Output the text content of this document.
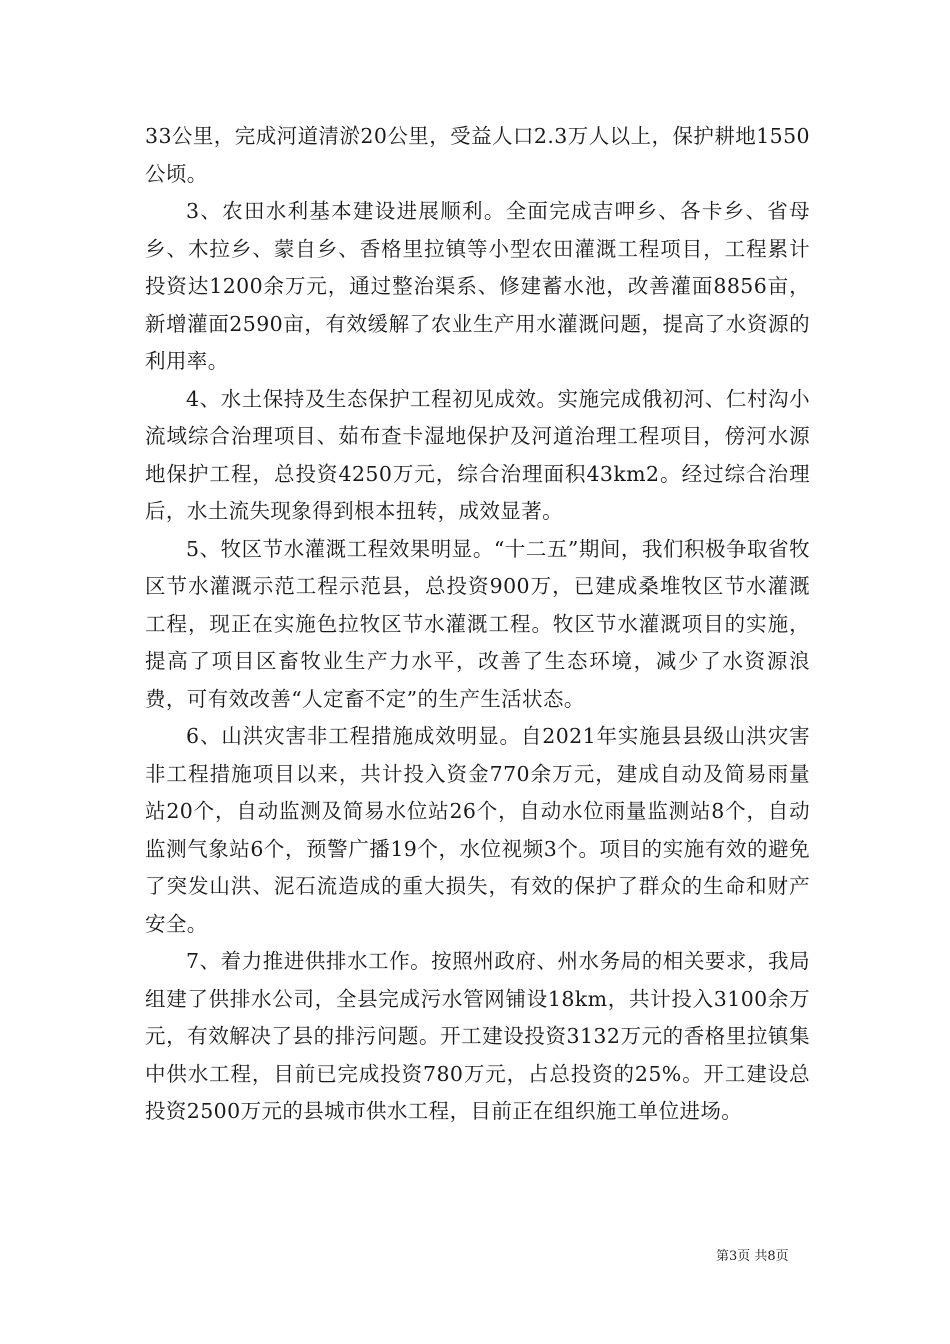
33公里，完成河道清淤20公里，受益人口2.3万人以上，保护耕地1550公顷。

3、农田水利基本建设进展顺利。全面完成吉呷乡、各卡乡、省母乡、木拉乡、蒙自乡、香格里拉镇等小型农田灌溉工程项目，工程累计投资达1200余万元，通过整治渠系、修建蓄水池，改善灌面8856亩，新增灌面2590亩，有效缓解了农业生产用水灌溉问题，提高了水资源的利用率。

4、水土保持及生态保护工程初见成效。实施完成俄初河、仁村沟小流域综合治理项目、茹布查卡湿地保护及河道治理工程项目，傍河水源地保护工程，总投资4250万元，综合治理面积43km2。经过综合治理后，水土流失现象得到根本扭转，成效显著。

5、牧区节水灌溉工程效果明显。“十二五”期间，我们积极争取省牧区节水灌溉示范工程示范县，总投资900万，已建成桑堆牧区节水灌溉工程，现正在实施色拉牧区节水灌溉工程。牧区节水灌溉项目的实施，提高了项目区畜牧业生产力水平，改善了生态环境，减少了水资源浪费，可有效改善“人定畜不定”的生产生活状态。

6、山洪灾害非工程措施成效明显。自2021年实施县县级山洪灾害非工程措施项目以来，共计投入资金770余万元，建成自动及简易雨量站20个，自动监测及简易水位站26个，自动水位雨量监测站8个，自动监测气象站6个，预警广播19个，水位视频3个。项目的实施有效的避免了突发山洪、泥石流造成的重大损失，有效的保护了群众的生命和财产安全。

7、着力推进供排水工作。按照州政府、州水务局的相关要求，我局组建了供排水公司，全县完成污水管网铺设18km，共计投入3100余万元，有效解决了县的排污问题。开工建设投资3132万元的香格里拉镇集中供水工程，目前已完成投资780万元，占总投资的25%。开工建设总投资2500万元的县城市供水工程，目前正在组织施工单位进场。

第3页 共8页
